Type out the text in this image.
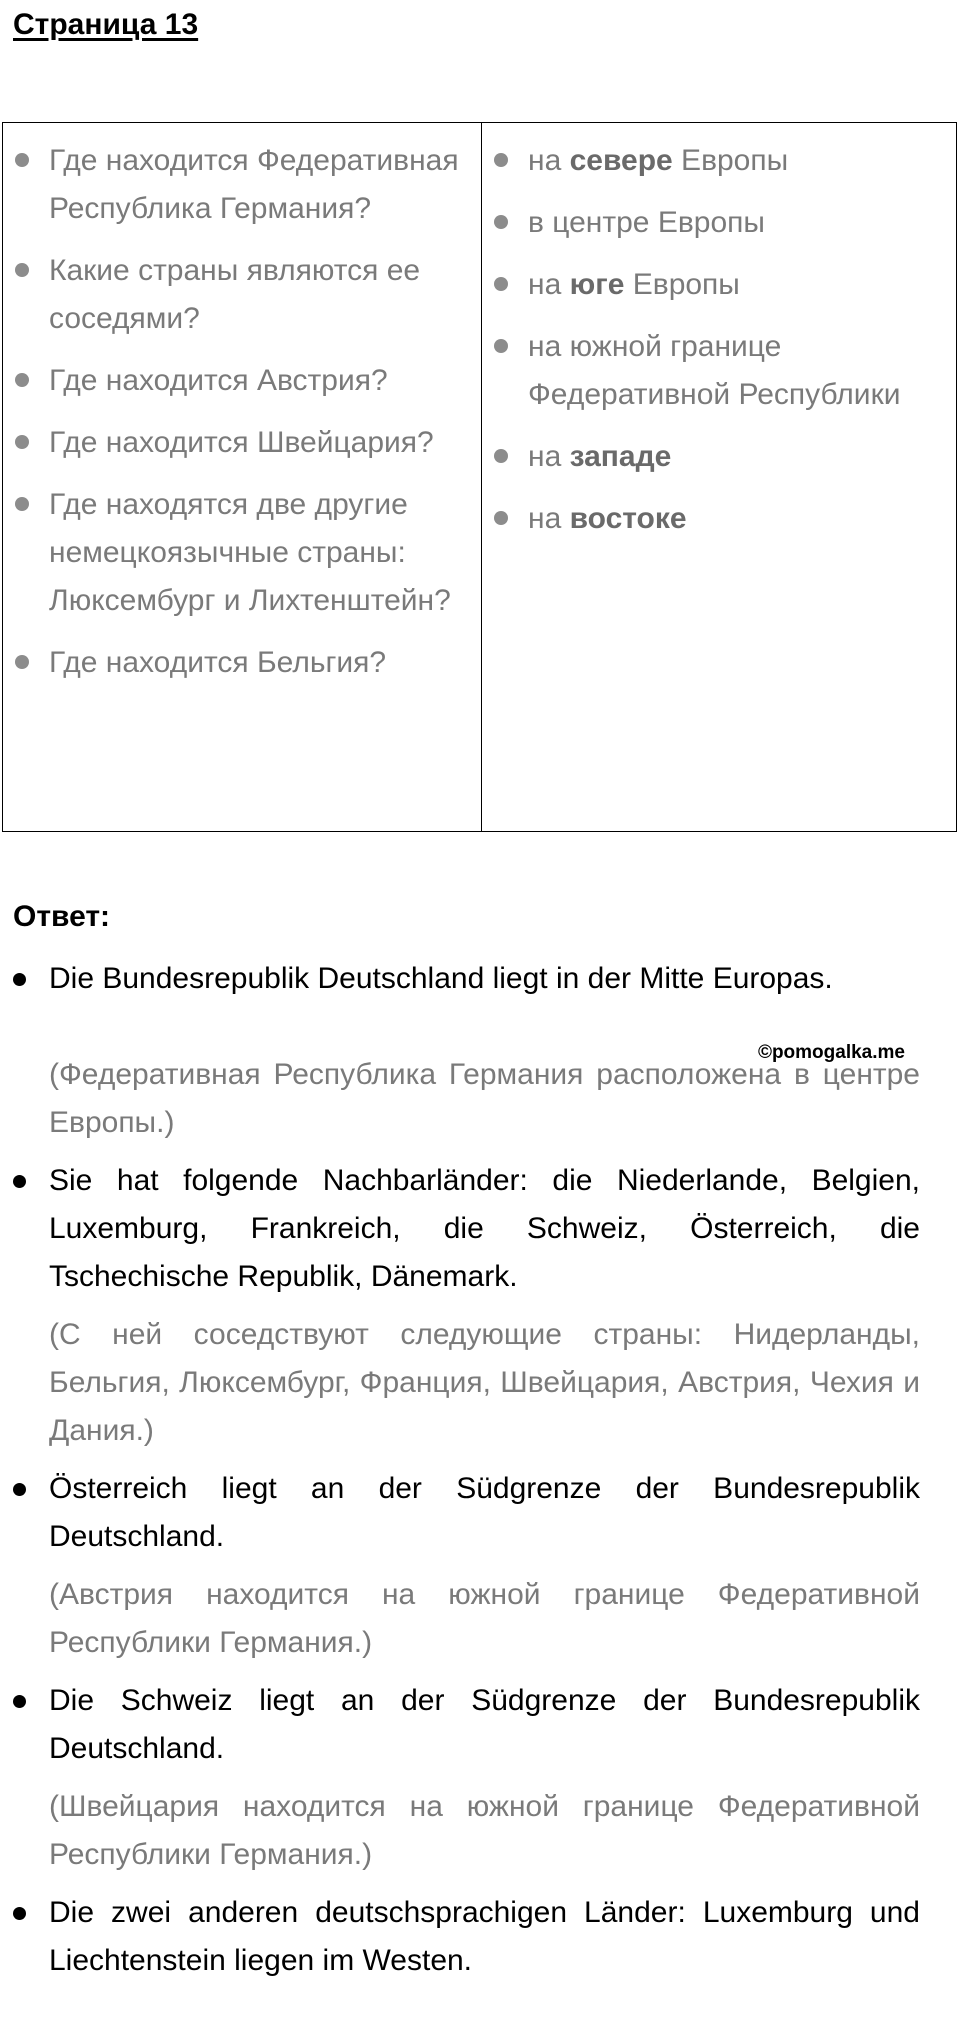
Страница 13
Где находится Федеративная Республика Германия?
Какие страны являются ее соседями?
Где находится Австрия?
Где находится Швейцария?
Где находятся две другие немецкоязычные страны: Люксембург и Лихтенштейн?
Где находится Бельгия?
на севере Европы
в центре Европы
на юге Европы
на южной границе Федеративной Республики
на западе
на востоке
Ответ:
©pomogalka.me
Die Bundesrepublik Deutschland liegt in der Mitte Europas.
(Федеративная Республика Германия расположена в центре Европы.)
Sie hat folgende Nachbarländer: die Niederlande, Belgien, Luxemburg, Frankreich, die Schweiz, Österreich, die Tschechische Republik, Dänemark.
(С ней соседствуют следующие страны: Нидерланды, Бельгия, Люксембург, Франция, Швейцария, Австрия, Чехия и Дания.)
Österreich liegt an der Südgrenze der Bundesrepublik Deutschland.
(Австрия находится на южной границе Федеративной Республики Германия.)
Die Schweiz liegt an der Südgrenze der Bundesrepublik Deutschland.
(Швейцария находится на южной границе Федеративной Республики Германия.)
Die zwei anderen deutschsprachigen Länder: Luxemburg und Liechtenstein liegen im Westen.
